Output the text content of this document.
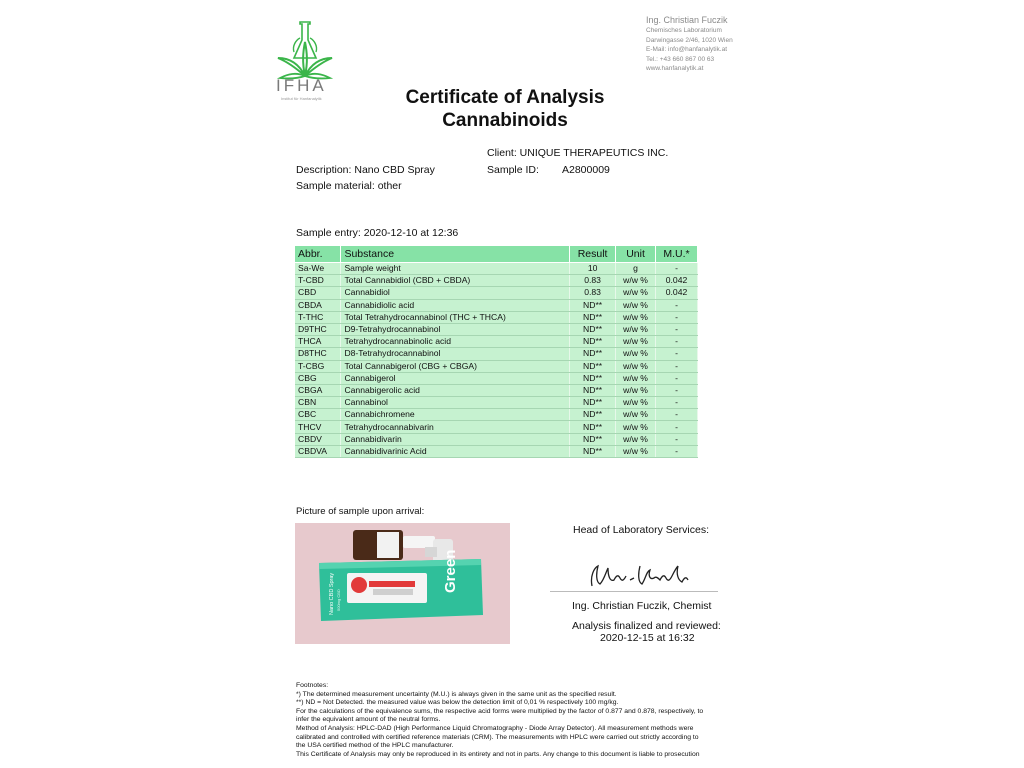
IFHA
Institut für Hanfanalytik
Ing. Christian Fuczik
Chemisches Laboratorium
Darwingasse 2/46, 1020 Wien
E-Mail: info@hanfanalytik.at
Tel.: +43 660 867 00 63
www.hanfanalytik.at
Certificate of Analysis
Cannabinoids
Client: UNIQUE THERAPEUTICS INC.
Description: Nano CBD Spray	Sample ID: A2800009
Sample material: other
Sample entry: 2020-12-10 at 12:36
Abbr.	Substance	Result	Unit	M.U.*
Sa-We	Sample weight	10	g	-
T-CBD	Total Cannabidiol (CBD + CBDA)	0.83	w/w %	0.042
CBD	Cannabidiol	0.83	w/w %	0.042
CBDA	Cannabidiolic acid	ND**	w/w %	-
T-THC	Total Tetrahydrocannabinol (THC + THCA)	ND**	w/w %	-
D9THC	D9-Tetrahydrocannabinol	ND**	w/w %	-
THCA	Tetrahydrocannabinolic acid	ND**	w/w %	-
D8THC	D8-Tetrahydrocannabinol	ND**	w/w %	-
T-CBG	Total Cannabigerol (CBG + CBGA)	ND**	w/w %	-
CBG	Cannabigerol	ND**	w/w %	-
CBGA	Cannabigerolic acid	ND**	w/w %	-
CBN	Cannabinol	ND**	w/w %	-
CBC	Cannabichromene	ND**	w/w %	-
THCV	Tetrahydrocannabivarin	ND**	w/w %	-
CBDV	Cannabidivarin	ND**	w/w %	-
CBDVA	Cannabidivarinic Acid	ND**	w/w %	-
Picture of sample upon arrival:
Green
Nano CBD Spray 500mg CBD
Head of Laboratory Services:
Ing. Christian Fuczik, Chemist
Analysis finalized and reviewed:
2020-12-15 at 16:32
Footnotes:
*) The determined measurement uncertainty (M.U.) is always given in the same unit as the specified result.
**) ND = Not Detected. the measured value was below the detection limit of 0,01 % respectively 100 mg/kg.
For the calculations of the equivalence sums, the respective acid forms were multiplied by the factor of 0.877 and 0.878, respectively, to
infer the equivalent amount of the neutral forms.
Method of Analysis: HPLC-DAD (High Performance Liquid Chromatography - Diode Array Detector). All measurement methods were
calibrated and controlled with certified reference materials (CRM). The measurements with HPLC were carried out strictly according to
the USA certified method of the HPLC manufacturer.
This Certificate of Analysis may only be reproduced in its entirety and not in parts. Any change to this document is liable to prosecution
